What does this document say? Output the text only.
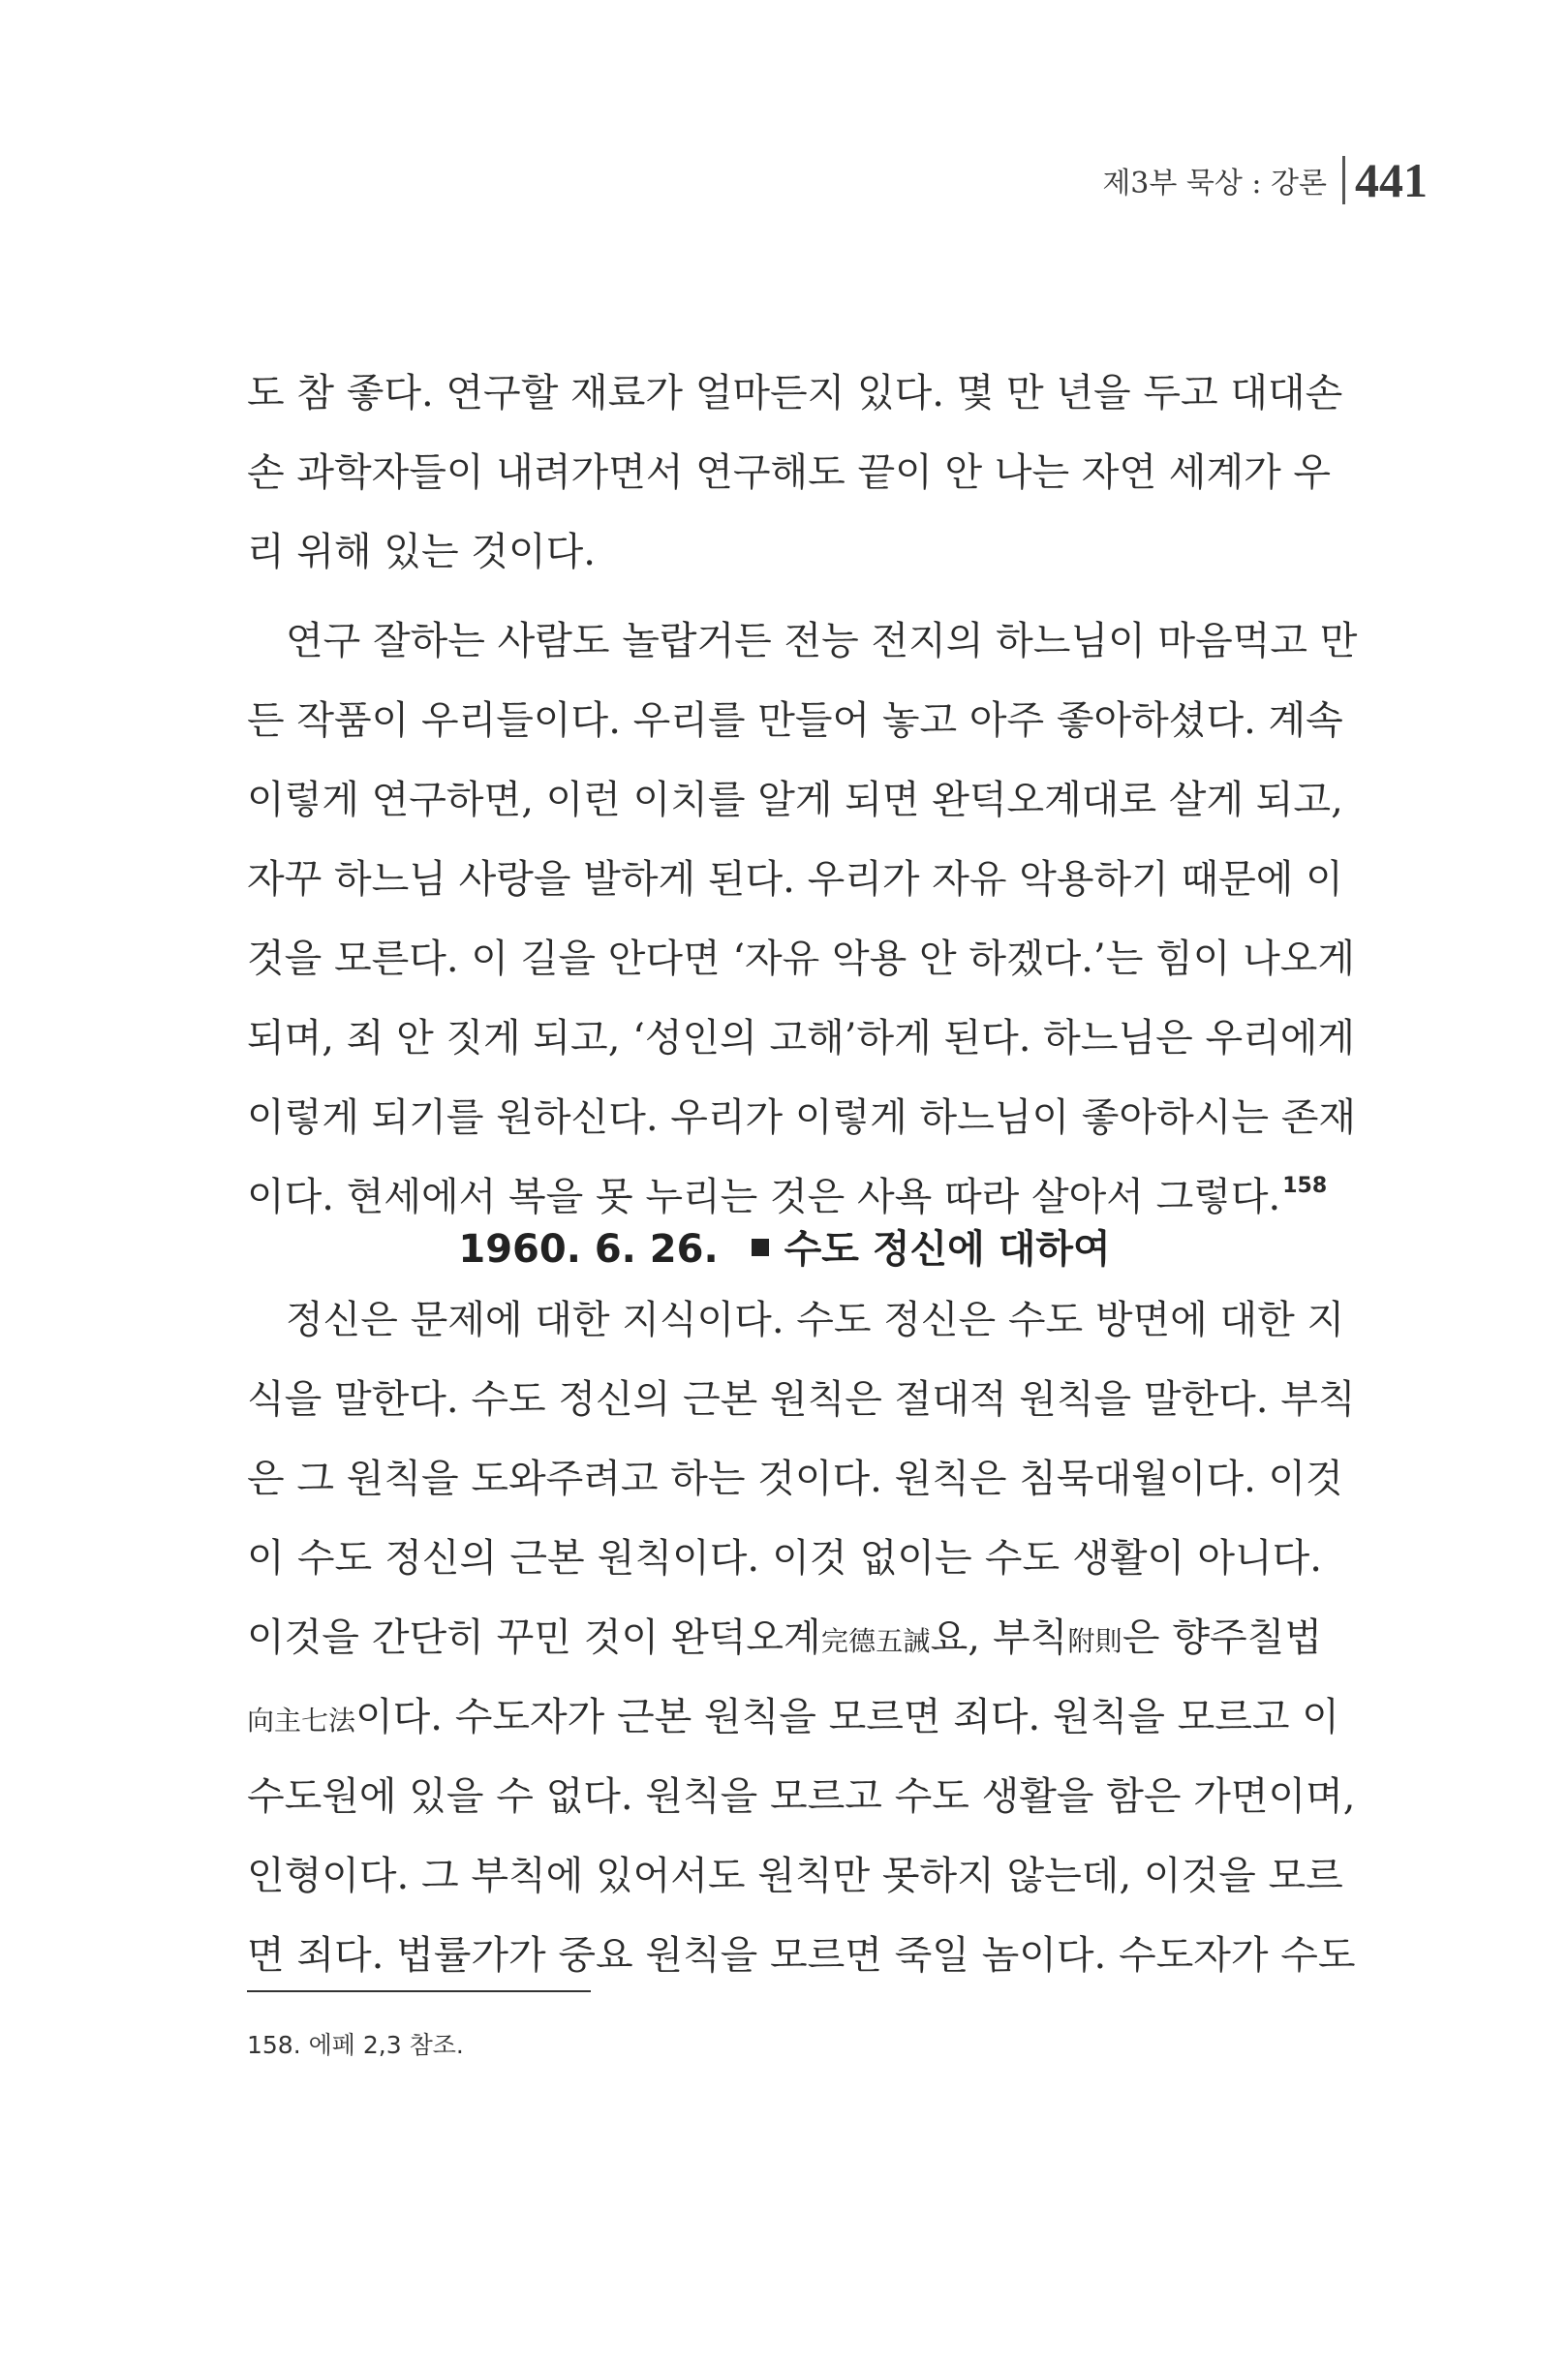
제3부 묵상 : 강론 441
도 참 좋다. 연구할 재료가 얼마든지 있다. 몇 만 년을 두고 대대손
손 과학자들이 내려가면서 연구해도 끝이 안 나는 자연 세계가 우
리 위해 있는 것이다.
연구 잘하는 사람도 놀랍거든 전능 전지의 하느님이 마음먹고 만
든 작품이 우리들이다. 우리를 만들어 놓고 아주 좋아하셨다. 계속
이렇게 연구하면, 이런 이치를 알게 되면 완덕오계대로 살게 되고,
자꾸 하느님 사랑을 발하게 된다. 우리가 자유 악용하기 때문에 이
것을 모른다. 이 길을 안다면 ‘자유 악용 안 하겠다.’는 힘이 나오게
되며, 죄 안 짓게 되고, ‘성인의 고해’하게 된다. 하느님은 우리에게
이렇게 되기를 원하신다. 우리가 이렇게 하느님이 좋아하시는 존재
이다. 현세에서 복을 못 누리는 것은 사욕 따라 살아서 그렇다.$^{158}$
1960. 6. 26. 수도 정신에 대하여
정신은 문제에 대한 지식이다. 수도 정신은 수도 방면에 대한 지
식을 말한다. 수도 정신의 근본 원칙은 절대적 원칙을 말한다. 부칙
은 그 원칙을 도와주려고 하는 것이다. 원칙은 침묵대월이다. 이것
이 수도 정신의 근본 원칙이다. 이것 없이는 수도 생활이 아니다.
이것을 간단히 꾸민 것이 완덕오계完德五誡요, 부칙附則은 향주칠법
向主七法이다. 수도자가 근본 원칙을 모르면 죄다. 원칙을 모르고 이
수도원에 있을 수 없다. 원칙을 모르고 수도 생활을 함은 가면이며,
인형이다. 그 부칙에 있어서도 원칙만 못하지 않는데, 이것을 모르
면 죄다. 법률가가 중요 원칙을 모르면 죽일 놈이다. 수도자가 수도
158. 에페 2,3 참조.
